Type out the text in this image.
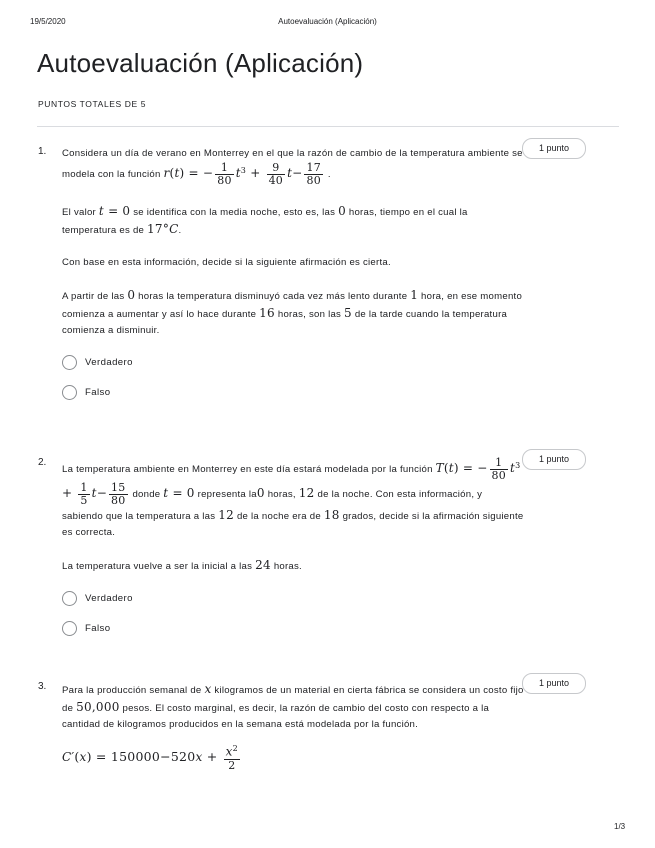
19/5/2020	Autoevaluación (Aplicación)
Autoevaluación (Aplicación)
PUNTOS TOTALES DE 5
1.	1 punto

Considera un día de verano en Monterrey en el que la razón de cambio de la temperatura ambiente se modela con la función r(t) = − $\frac{1}{80} t^3 + \frac{9}{40} t- \frac{17}{80}$ .

El valor t = 0 se identifica con la media noche, esto es, las 0 horas, tiempo en el cual la temperatura es de 17°C.

Con base en esta información, decide si la siguiente afirmación es cierta.

A partir de las 0 horas la temperatura disminuyó cada vez más lento durante 1 hora, en ese momento comienza a aumentar y así lo hace durante 16 horas, son las 5 de la tarde cuando la temperatura comienza a disminuir.

Verdadero
Falso
2.	1 punto

La temperatura ambiente en Monterrey en este día estará modelada por la función T(t) = − $\frac{1}{80} t^3 + \frac{1}{5} t- \frac{15}{80}$ donde t = 0 representa la0 horas, 12 de la noche. Con esta información, y sabiendo que la temperatura a las 12 de la noche era de 18 grados, decide si la afirmación siguiente es correcta.

La temperatura vuelve a ser la inicial a las 24 horas.

Verdadero
Falso
3.	1 punto

Para la producción semanal de x kilogramos de un material en cierta fábrica se considera un costo fijo de 50,000 pesos. El costo marginal, es decir, la razón de cambio del costo con respecto a la cantidad de kilogramos producidos en la semana está modelada por la función.

$C'(x) = 150000-520x + \frac{x^2}{2}$
1/3
